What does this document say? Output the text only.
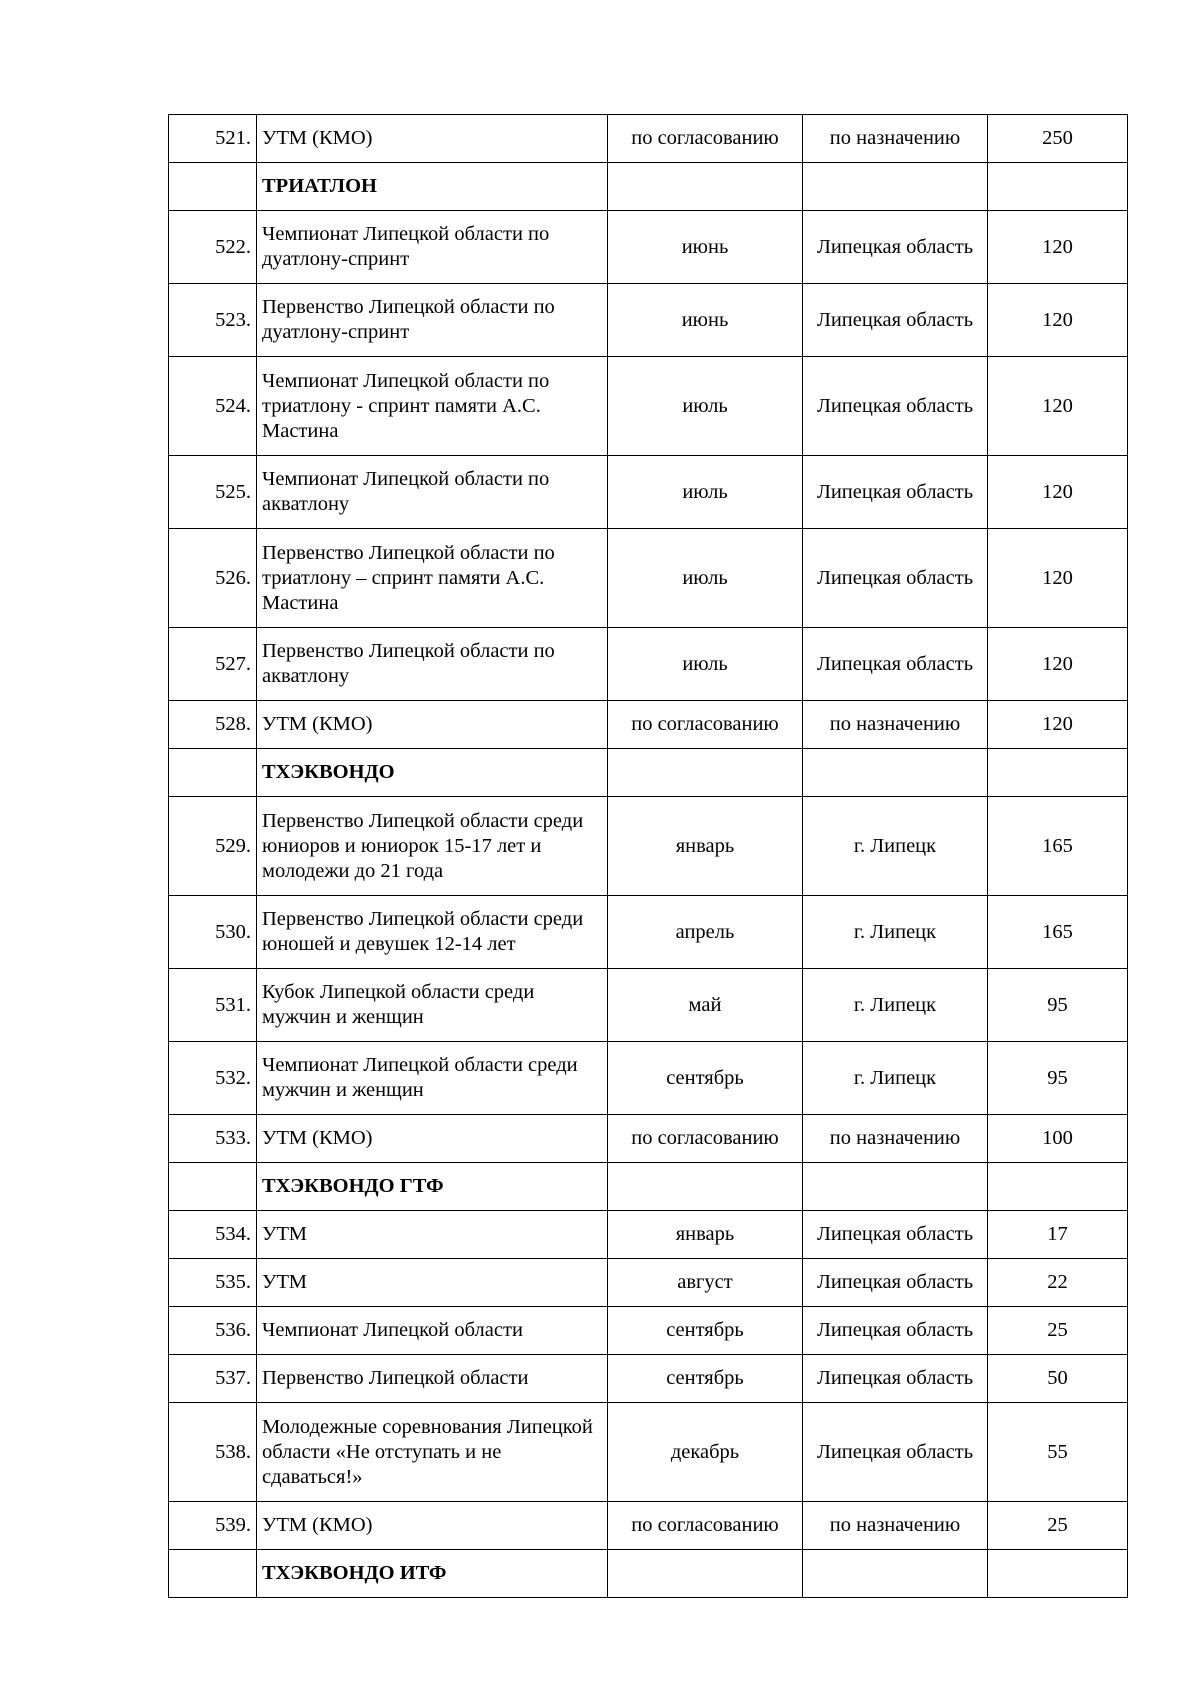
521.	УТМ (КМО)	по согласованию	по назначению	250
	ТРИАТЛОН			
522.	Чемпионат Липецкой области по дуатлону-спринт	июнь	Липецкая область	120
523.	Первенство Липецкой области по дуатлону-спринт	июнь	Липецкая область	120
524.	Чемпионат Липецкой области по триатлону - спринт памяти А.С. Мастина	июль	Липецкая область	120
525.	Чемпионат Липецкой области по акватлону	июль	Липецкая область	120
526.	Первенство Липецкой области по триатлону – спринт памяти А.С. Мастина	июль	Липецкая область	120
527.	Первенство Липецкой области по акватлону	июль	Липецкая область	120
528.	УТМ (КМО)	по согласованию	по назначению	120
	ТХЭКВОНДО			
529.	Первенство Липецкой области среди юниоров и юниорок 15-17 лет и молодежи до 21 года	январь	г. Липецк	165
530.	Первенство Липецкой области среди юношей и девушек 12-14 лет	апрель	г. Липецк	165
531.	Кубок Липецкой области среди мужчин и женщин	май	г. Липецк	95
532.	Чемпионат Липецкой области среди мужчин и женщин	сентябрь	г. Липецк	95
533.	УТМ (КМО)	по согласованию	по назначению	100
	ТХЭКВОНДО ГТФ			
534.	УТМ	январь	Липецкая область	17
535.	УТМ	август	Липецкая область	22
536.	Чемпионат Липецкой области	сентябрь	Липецкая область	25
537.	Первенство Липецкой области	сентябрь	Липецкая область	50
538.	Молодежные соревнования Липецкой области «Не отступать и не сдаваться!»	декабрь	Липецкая область	55
539.	УТМ (КМО)	по согласованию	по назначению	25
	ТХЭКВОНДО ИТФ			
